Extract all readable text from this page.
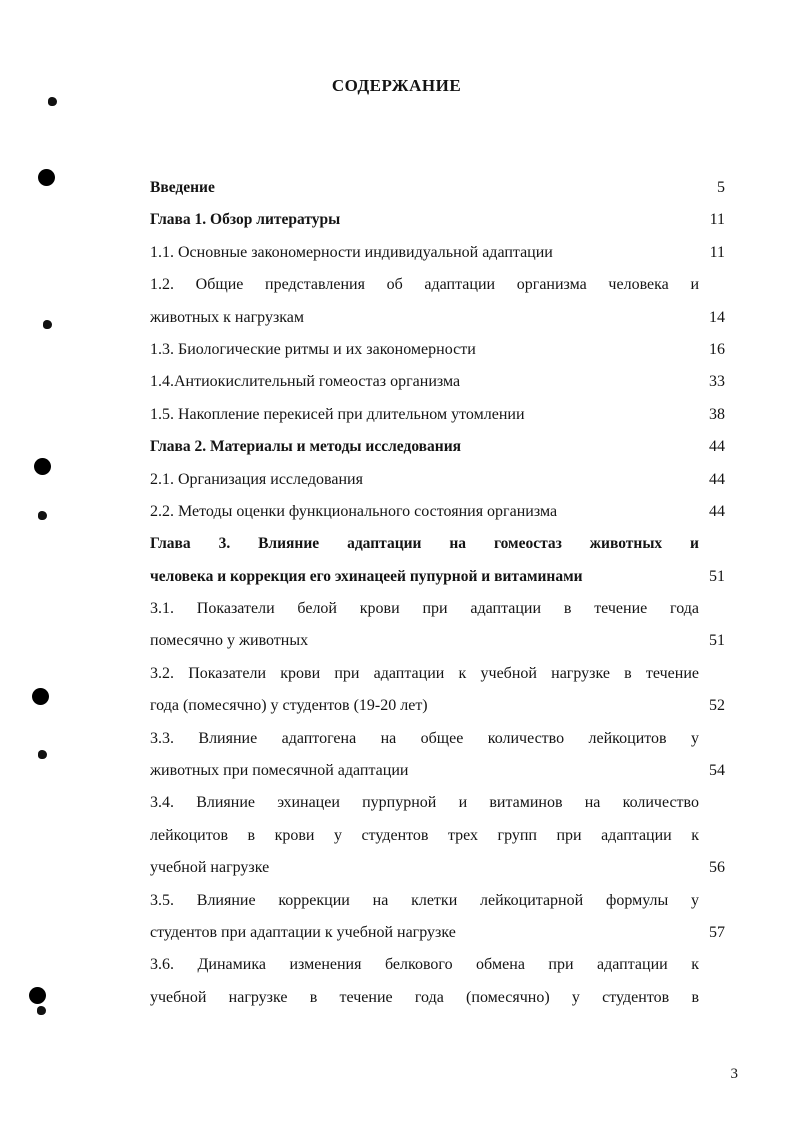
СОДЕРЖАНИЕ
Введение	5
Глава 1. Обзор литературы	11
1.1. Основные закономерности индивидуальной адаптации	11
1.2. Общие представления об адаптации организма человека и
животных к нагрузкам	14
1.3. Биологические ритмы и их закономерности	16
1.4.Антиокислительный гомеостаз организма	33
1.5. Накопление перекисей при длительном утомлении	38
Глава 2. Материалы и методы исследования	44
2.1. Организация исследования	44
2.2. Методы оценки функционального состояния организма	44
Глава 3. Влияние адаптации на гомеостаз животных и
человека и коррекция его эхинацеей пупурной и витаминами	51
3.1. Показатели белой крови при адаптации в течение года
помесячно у животных	51
3.2. Показатели крови при адаптации к учебной нагрузке в течение
года (помесячно) у студентов (19-20 лет)	52
3.3. Влияние адаптогена на общее количество лейкоцитов у
животных при помесячной адаптации	54
3.4. Влияние эхинацеи пурпурной и витаминов на количество
лейкоцитов в крови у студентов трех групп при адаптации к
учебной нагрузке	56
3.5. Влияние коррекции на клетки лейкоцитарной формулы у
студентов при адаптации к учебной нагрузке	57
3.6. Динамика изменения белкового обмена при адаптации к
учебной нагрузке в течение года (помесячно) у студентов в
3
